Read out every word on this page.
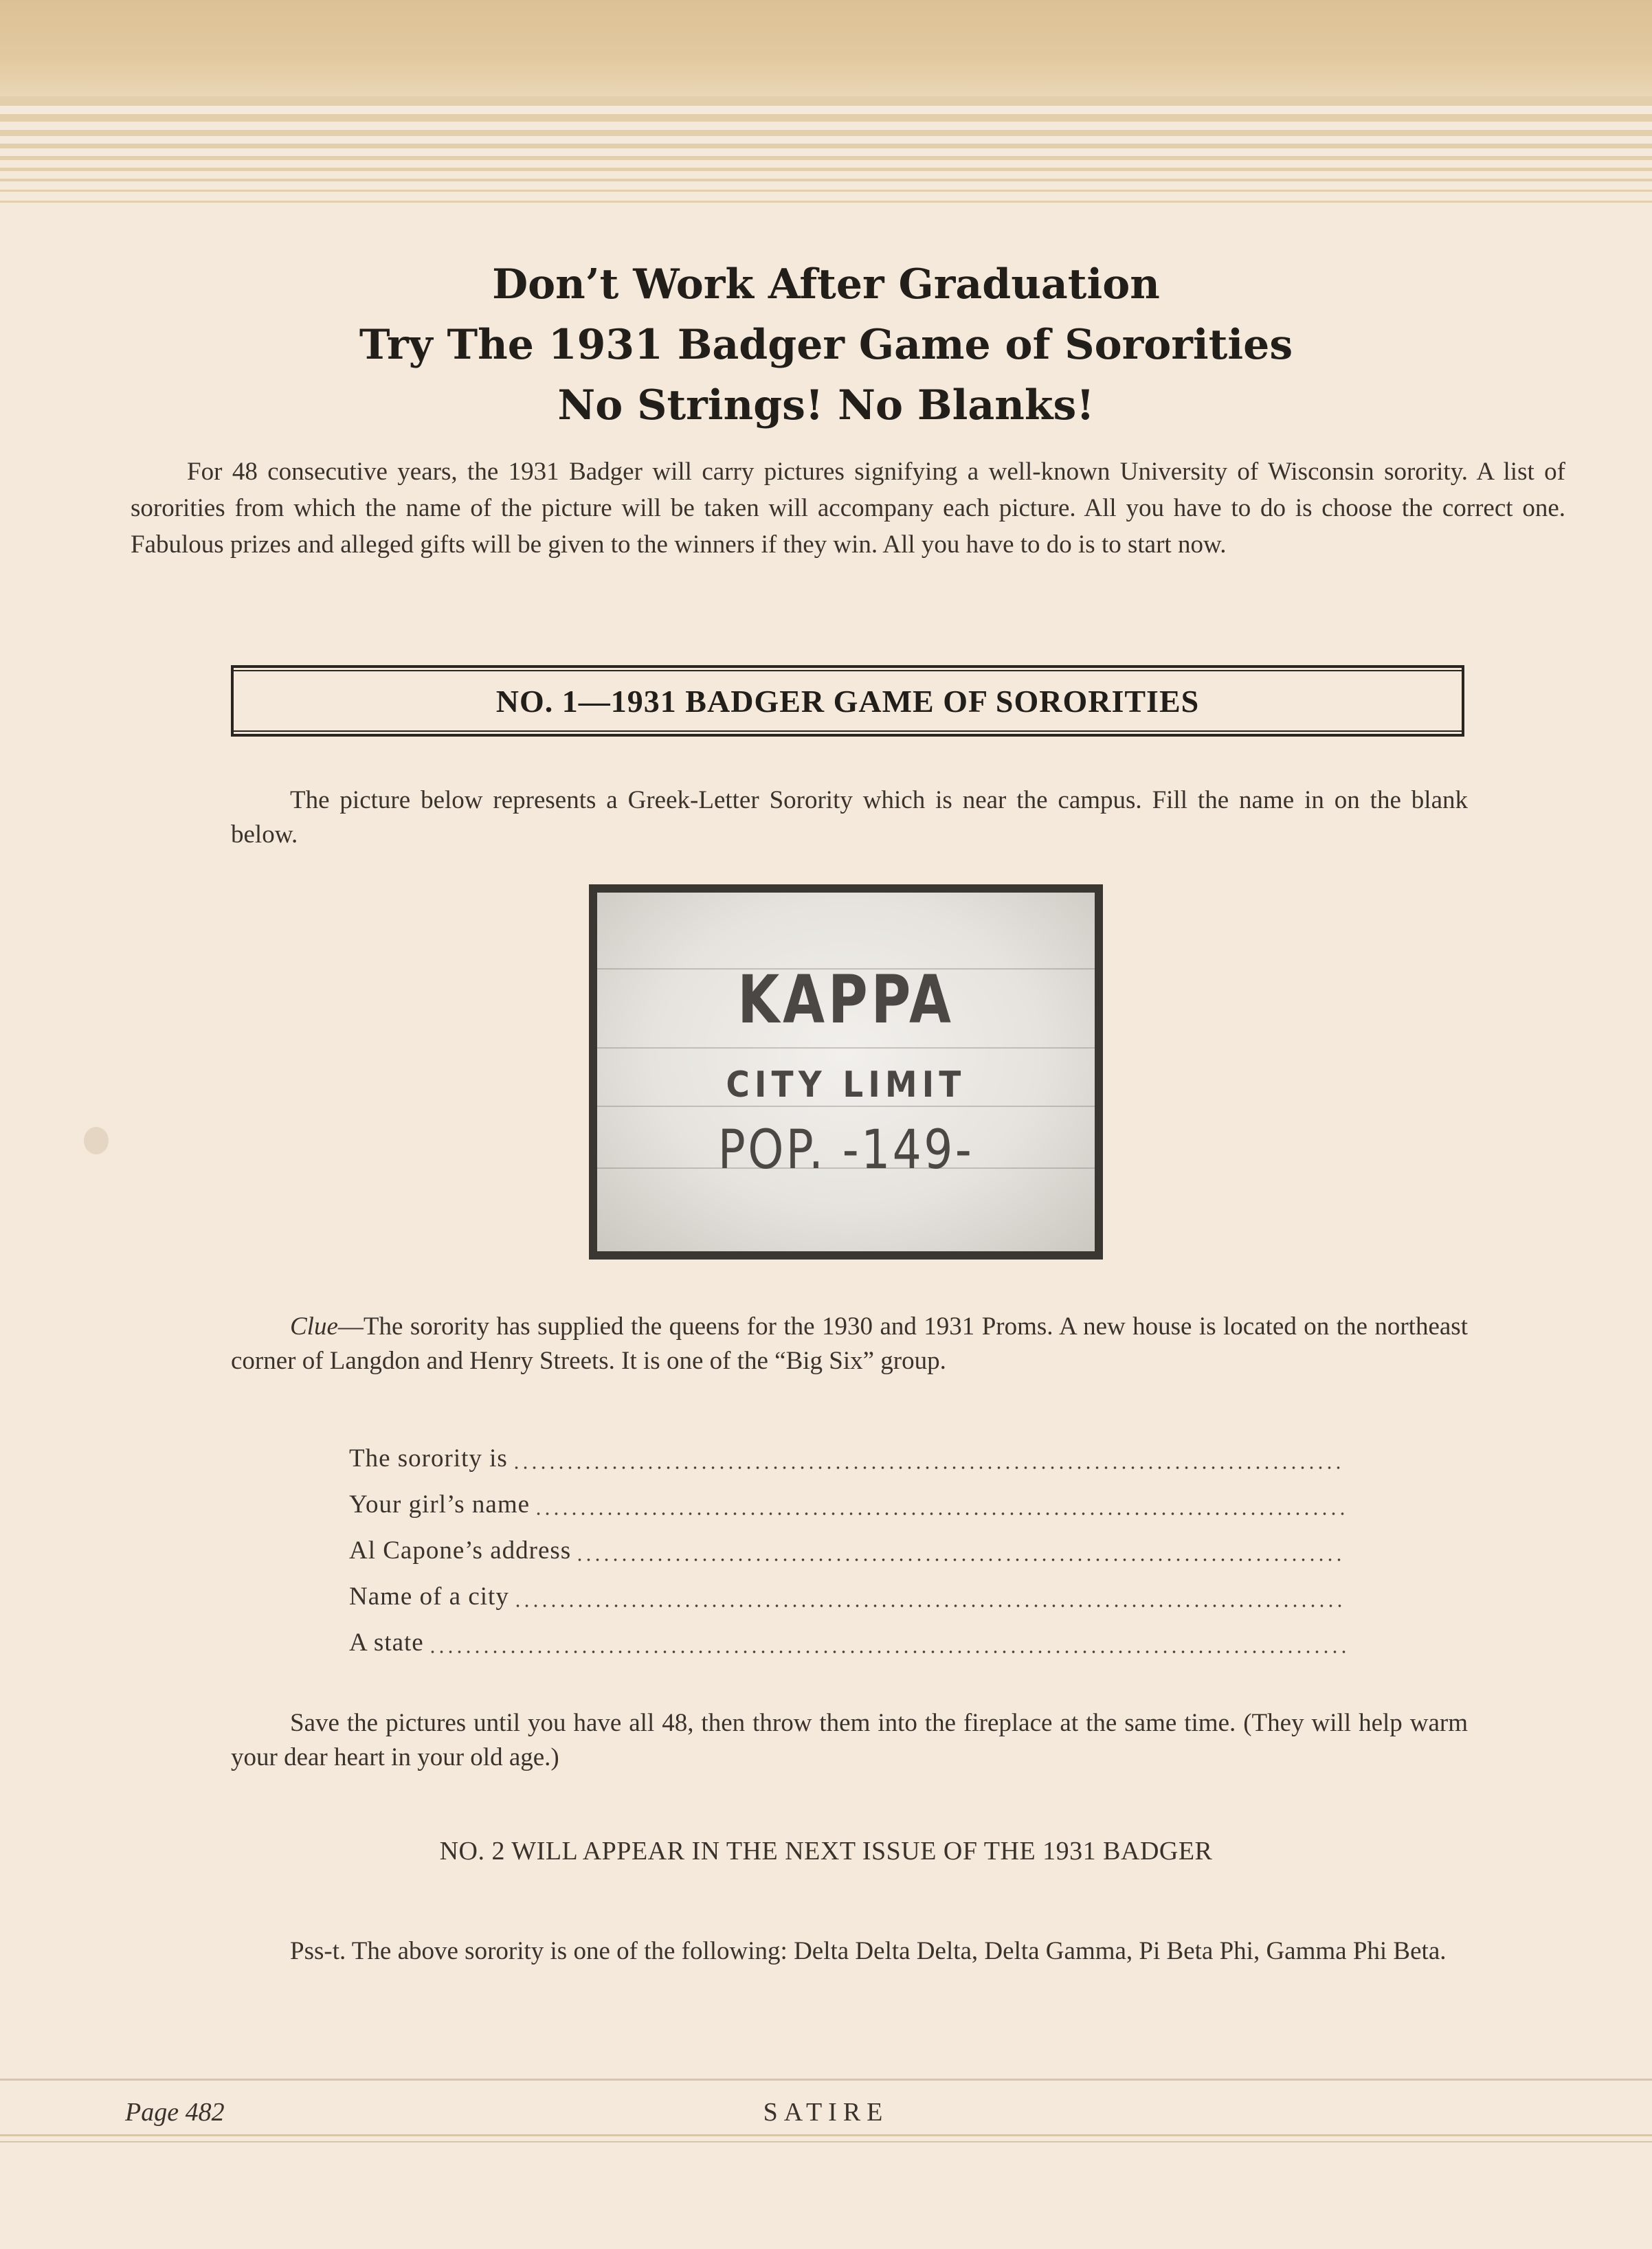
Don’t Work After Graduation
Try The 1931 Badger Game of Sororities
No Strings! No Blanks!
For 48 consecutive years, the 1931 Badger will carry pictures signifying a well-known University of Wisconsin sorority. A list of sororities from which the name of the picture will be taken will accompany each picture. All you have to do is choose the correct one. Fabulous prizes and alleged gifts will be given to the winners if they win. All you have to do is to start now.
NO. 1—1931 BADGER GAME OF SORORITIES
The picture below represents a Greek-Letter Sorority which is near the campus. Fill the name in on the blank below.
KAPPA
CITY LIMIT
POP. -149-
Clue—The sorority has supplied the queens for the 1930 and 1931 Proms. A new house is located on the northeast corner of Langdon and Henry Streets. It is one of the “Big Six” group.
The sorority is
Your girl’s name
Al Capone’s address
Name of a city
A state
Save the pictures until you have all 48, then throw them into the fireplace at the same time. (They will help warm your dear heart in your old age.)
NO. 2 WILL APPEAR IN THE NEXT ISSUE OF THE 1931 BADGER
Pss-t. The above sorority is one of the following: Delta Delta Delta, Delta Gamma, Pi Beta Phi, Gamma Phi Beta.
Page 482	SATIRE
